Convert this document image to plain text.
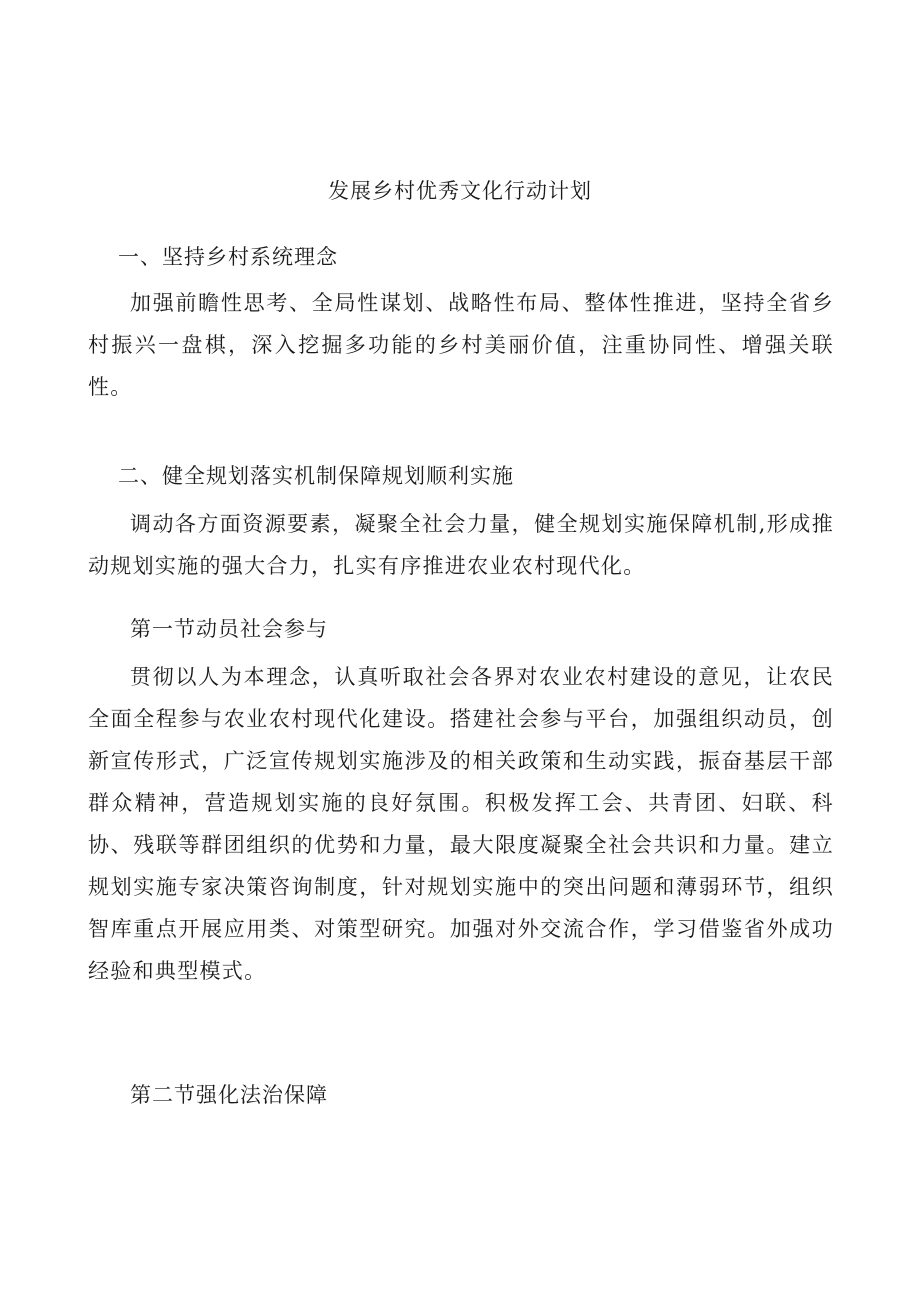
发展乡村优秀文化行动计划
一、坚持乡村系统理念
加强前瞻性思考、全局性谋划、战略性布局、整体性推进，坚持全省乡村振兴一盘棋，深入挖掘多功能的乡村美丽价值，注重协同性、增强关联性。
二、健全规划落实机制保障规划顺利实施
调动各方面资源要素，凝聚全社会力量，健全规划实施保障机制,形成推动规划实施的强大合力，扎实有序推进农业农村现代化。
第一节动员社会参与
贯彻以人为本理念，认真听取社会各界对农业农村建设的意见，让农民全面全程参与农业农村现代化建设。搭建社会参与平台，加强组织动员，创新宣传形式，广泛宣传规划实施涉及的相关政策和生动实践，振奋基层干部群众精神，营造规划实施的良好氛围。积极发挥工会、共青团、妇联、科协、残联等群团组织的优势和力量，最大限度凝聚全社会共识和力量。建立规划实施专家决策咨询制度，针对规划实施中的突出问题和薄弱环节，组织智库重点开展应用类、对策型研究。加强对外交流合作，学习借鉴省外成功经验和典型模式。
第二节强化法治保障
